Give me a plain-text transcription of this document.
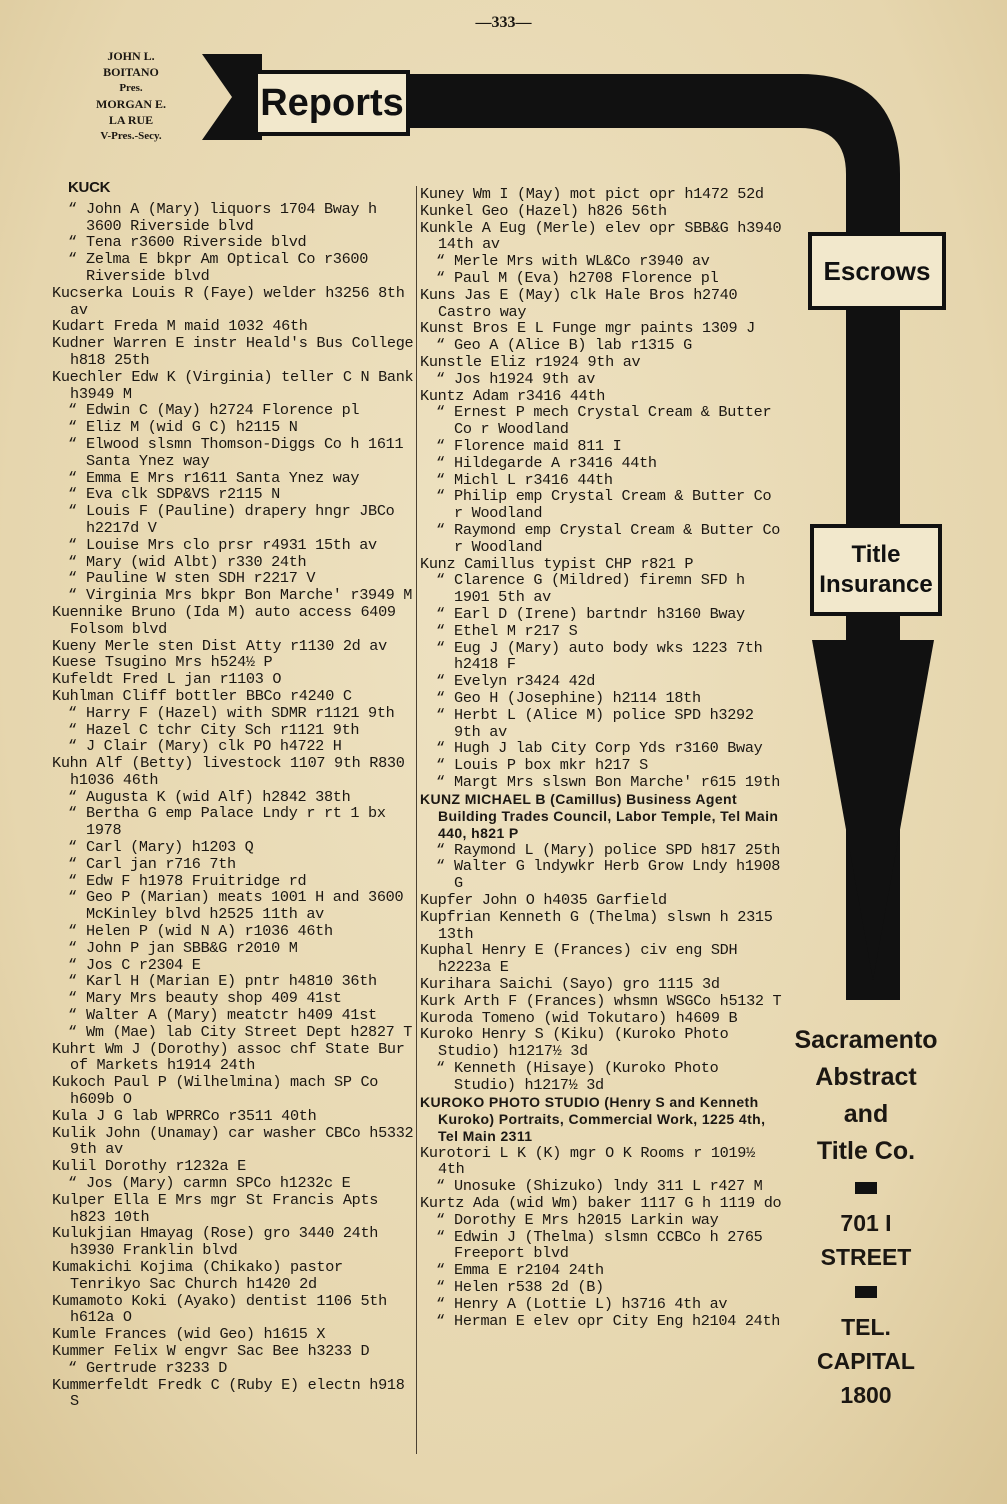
—333—
JOHN L.
BOITANO
Pres.
MORGAN E.
LA RUE
V-Pres.-Secy.
Reports
Escrows
Title
Insurance
Sacramento
Abstract
and
Title Co.
701 I
STREET
TEL.
CAPITAL
1800
KUCK
“ John A (Mary) liquors 1704 Bway h 3600 Riverside blvd
“ Tena r3600 Riverside blvd
“ Zelma E bkpr Am Optical Co r3600 Riverside blvd
Kucserka Louis R (Faye) welder h3256 8th av
Kudart Freda M maid 1032 46th
Kudner Warren E instr Heald's Bus College h818 25th
Kuechler Edw K (Virginia) teller C N Bank h3949 M
“ Edwin C (May) h2724 Florence pl
“ Eliz M (wid G C) h2115 N
“ Elwood slsmn Thomson-Diggs Co h 1611 Santa Ynez way
“ Emma E Mrs r1611 Santa Ynez way
“ Eva clk SDP&VS r2115 N
“ Louis F (Pauline) drapery hngr JBCo h2217d V
“ Louise Mrs clo prsr r4931 15th av
“ Mary (wid Albt) r330 24th
“ Pauline W sten SDH r2217 V
“ Virginia Mrs bkpr Bon Marche' r3949 M
Kuennike Bruno (Ida M) auto access 6409 Folsom blvd
Kueny Merle sten Dist Atty r1130 2d av
Kuese Tsugino Mrs h524½ P
Kufeldt Fred L jan r1103 O
Kuhlman Cliff bottler BBCo r4240 C
“ Harry F (Hazel) with SDMR r1121 9th
“ Hazel C tchr City Sch r1121 9th
“ J Clair (Mary) clk PO h4722 H
Kuhn Alf (Betty) livestock 1107 9th R830 h1036 46th
“ Augusta K (wid Alf) h2842 38th
“ Bertha G emp Palace Lndy r rt 1 bx 1978
“ Carl (Mary) h1203 Q
“ Carl jan r716 7th
“ Edw F h1978 Fruitridge rd
“ Geo P (Marian) meats 1001 H and 3600 McKinley blvd h2525 11th av
“ Helen P (wid N A) r1036 46th
“ John P jan SBB&G r2010 M
“ Jos C r2304 E
“ Karl H (Marian E) pntr h4810 36th
“ Mary Mrs beauty shop 409 41st
“ Walter A (Mary) meatctr h409 41st
“ Wm (Mae) lab City Street Dept h2827 T
Kuhrt Wm J (Dorothy) assoc chf State Bur of Markets h1914 24th
Kukoch Paul P (Wilhelmina) mach SP Co h609b O
Kula J G lab WPRRCo r3511 40th
Kulik John (Unamay) car washer CBCo h5332 9th av
Kulil Dorothy r1232a E
“ Jos (Mary) carmn SPCo h1232c E
Kulper Ella E Mrs mgr St Francis Apts h823 10th
Kulukjian Hmayag (Rose) gro 3440 24th h3930 Franklin blvd
Kumakichi Kojima (Chikako) pastor Tenrikyo Sac Church h1420 2d
Kumamoto Koki (Ayako) dentist 1106 5th h612a O
Kumle Frances (wid Geo) h1615 X
Kummer Felix W engvr Sac Bee h3233 D
“ Gertrude r3233 D
Kummerfeldt Fredk C (Ruby E) electn h918 S
Kuney Wm I (May) mot pict opr h1472 52d
Kunkel Geo (Hazel) h826 56th
Kunkle A Eug (Merle) elev opr SBB&G h3940 14th av
“ Merle Mrs with WL&Co r3940 av
“ Paul M (Eva) h2708 Florence pl
Kuns Jas E (May) clk Hale Bros h2740 Castro way
Kunst Bros E L Funge mgr paints 1309 J
“ Geo A (Alice B) lab r1315 G
Kunstle Eliz r1924 9th av
“ Jos h1924 9th av
Kuntz Adam r3416 44th
“ Ernest P mech Crystal Cream & Butter Co r Woodland
“ Florence maid 811 I
“ Hildegarde A r3416 44th
“ Michl L r3416 44th
“ Philip emp Crystal Cream & Butter Co r Woodland
“ Raymond emp Crystal Cream & Butter Co r Woodland
Kunz Camillus typist CHP r821 P
“ Clarence G (Mildred) firemn SFD h 1901 5th av
“ Earl D (Irene) bartndr h3160 Bway
“ Ethel M r217 S
“ Eug J (Mary) auto body wks 1223 7th h2418 F
“ Evelyn r3424 42d
“ Geo H (Josephine) h2114 18th
“ Herbt L (Alice M) police SPD h3292 9th av
“ Hugh J lab City Corp Yds r3160 Bway
“ Louis P box mkr h217 S
“ Margt Mrs slswn Bon Marche' r615 19th
KUNZ MICHAEL B (Camillus) Business Agent Building Trades Council, Labor Temple, Tel Main 440, h821 P
“ Raymond L (Mary) police SPD h817 25th
“ Walter G lndywkr Herb Grow Lndy h1908 G
Kupfer John O h4035 Garfield
Kupfrian Kenneth G (Thelma) slswn h 2315 13th
Kuphal Henry E (Frances) civ eng SDH h2223a E
Kurihara Saichi (Sayo) gro 1115 3d
Kurk Arth F (Frances) whsmn WSGCo h5132 T
Kuroda Tomeno (wid Tokutaro) h4609 B
Kuroko Henry S (Kiku) (Kuroko Photo Studio) h1217½ 3d
“ Kenneth (Hisaye) (Kuroko Photo Studio) h1217½ 3d
KUROKO PHOTO STUDIO (Henry S and Kenneth Kuroko) Portraits, Commercial Work, 1225 4th, Tel Main 2311
Kurotori L K (K) mgr O K Rooms r 1019½ 4th
“ Unosuke (Shizuko) lndy 311 L r427 M
Kurtz Ada (wid Wm) baker 1117 G h 1119 do
“ Dorothy E Mrs h2015 Larkin way
“ Edwin J (Thelma) slsmn CCBCo h 2765 Freeport blvd
“ Emma E r2104 24th
“ Helen r538 2d (B)
“ Henry A (Lottie L) h3716 4th av
“ Herman E elev opr City Eng h2104 24th
